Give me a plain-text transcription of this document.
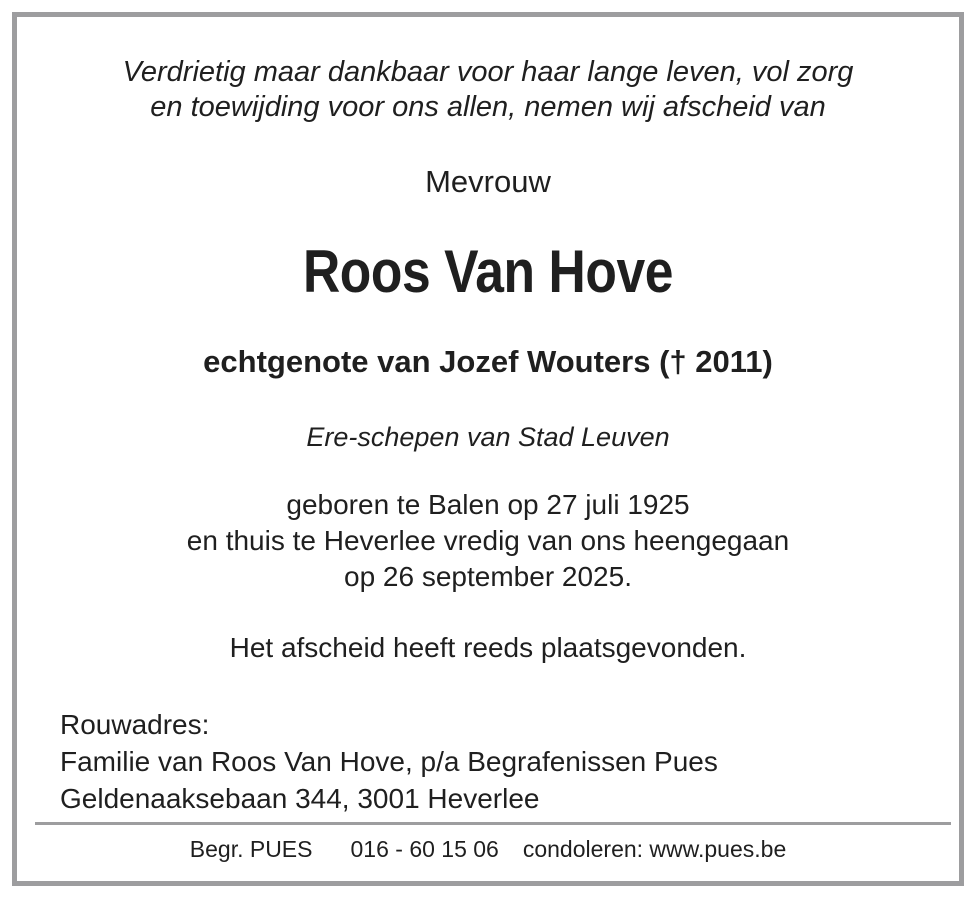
Verdrietig maar dankbaar voor haar lange leven, vol zorg
en toewijding voor ons allen, nemen wij afscheid van
Mevrouw
Roos Van Hove
echtgenote van Jozef Wouters († 2011)
Ere-schepen van Stad Leuven
geboren te Balen op 27 juli 1925
en thuis te Heverlee vredig van ons heengegaan
op 26 september 2025.
Het afscheid heeft reeds plaatsgevonden.
Rouwadres:
Familie van Roos Van Hove, p/a Begrafenissen Pues
Geldenaaksebaan 344, 3001 Heverlee
Begr. PUES 016 - 60 15 06 condoleren: www.pues.be
